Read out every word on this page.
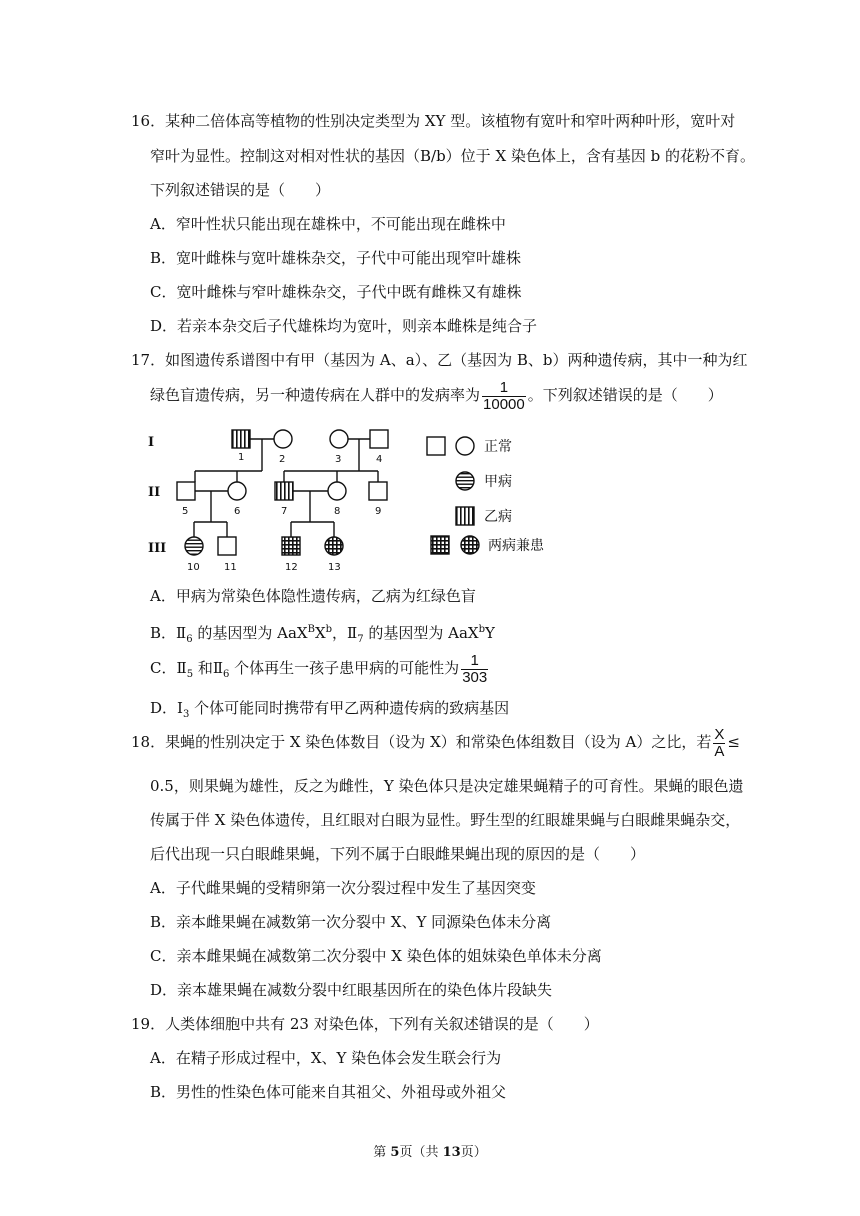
16．某种二倍体高等植物的性别决定类型为 XY 型。该植物有宽叶和窄叶两种叶形，宽叶对
窄叶为显性。控制这对相对性状的基因（B/b）位于 X 染色体上，含有基因 b 的花粉不育。
下列叙述错误的是（　　）
A．窄叶性状只能出现在雄株中，不可能出现在雌株中
B．宽叶雌株与宽叶雄株杂交，子代中可能出现窄叶雄株
C．宽叶雌株与窄叶雄株杂交，子代中既有雌株又有雄株
D．若亲本杂交后子代雄株均为宽叶，则亲本雌株是纯合子
17．如图遗传系谱图中有甲（基因为 A、a）、乙（基因为 B、b）两种遗传病，其中一种为红
绿色盲遗传病，另一种遗传病在人群中的发病率为 $\frac{1}{10000}$ 。下列叙述错误的是（　　）
I
II
III
1	2	3	4
5	6	7	8	9
10 11	12	13
正常
甲病
乙病
两病兼患
A．甲病为常染色体隐性遗传病，乙病为红绿色盲
B．$Ⅱ_6$ 的基因型为 $AaX^BX^b$，$Ⅱ_7$ 的基因型为 AaX$^b$Y
C．$Ⅱ_5$ 和$Ⅱ_6$ 个体再生一孩子患甲病的可能性为 $\frac{1}{303}$
D．$Ⅰ_3$ 个体可能同时携带有甲乙两种遗传病的致病基因
18．果蝇的性别决定于 X 染色体数目（设为 X）和常染色体组数目（设为 A）之比，若 $\frac{X}{A}$ ≤
0.5，则果蝇为雄性，反之为雌性，Y 染色体只是决定雄果蝇精子的可育性。果蝇的眼色遗
传属于伴 X 染色体遗传，且红眼对白眼为显性。野生型的红眼雄果蝇与白眼雌果蝇杂交，
后代出现一只白眼雌果蝇，下列不属于白眼雌果蝇出现的原因的是（　　）
A．子代雌果蝇的受精卵第一次分裂过程中发生了基因突变
B．亲本雌果蝇在减数第一次分裂中 X、Y 同源染色体未分离
C．亲本雌果蝇在减数第二次分裂中 X 染色体的姐妹染色单体未分离
D．亲本雄果蝇在减数分裂中红眼基因所在的染色体片段缺失
19．人类体细胞中共有 23 对染色体，下列有关叙述错误的是（　　）
A．在精子形成过程中，X、Y 染色体会发生联会行为
B．男性的性染色体可能来自其祖父、外祖母或外祖父
第 5页（共 13页）
